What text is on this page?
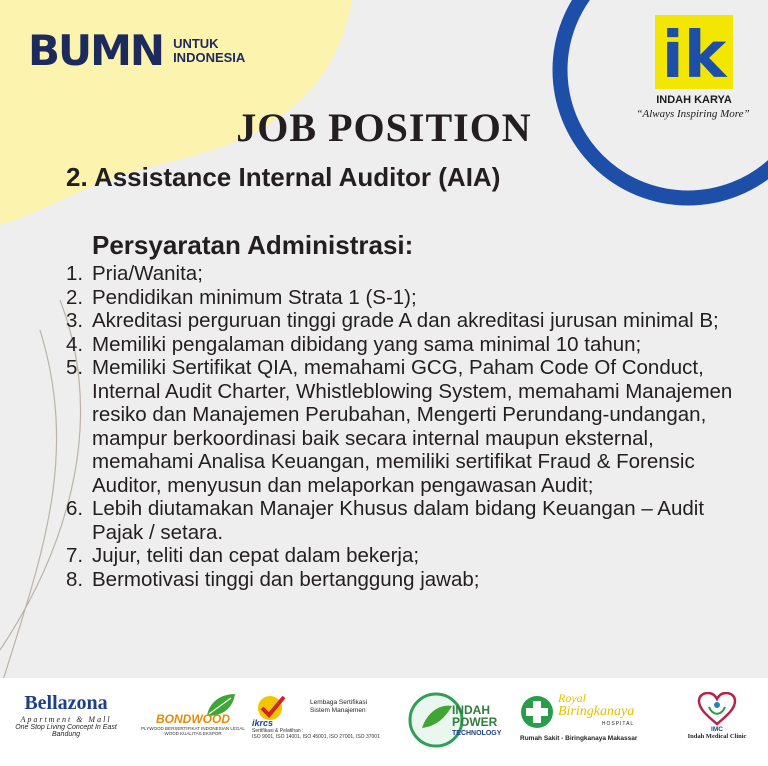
BUMN UNTUK
INDONESIA	ik
INDAH KARYA
“Always Inspiring More”
JOB POSITION
2. Assistance Internal Auditor (AIA)
Persyaratan Administrasi:
1. Pria/Wanita;
2. Pendidikan minimum Strata 1 (S-1);
3. Akreditasi perguruan tinggi grade A dan akreditasi jurusan minimal B;
4. Memiliki pengalaman dibidang yang sama minimal 10 tahun;
5. Memiliki Sertifikat QIA, memahami GCG, Paham Code Of Conduct, Internal Audit Charter, Whistleblowing System, memahami Manajemen resiko dan Manajemen Perubahan, Mengerti Perundang-undangan, mampur berkoordinasi baik secara internal maupun eksternal, memahami Analisa Keuangan, memiliki sertifikat Fraud & Forensic Auditor, menyusun dan melaporkan pengawasan Audit;
6. Lebih diutamakan Manajer Khusus dalam bidang Keuangan – Audit Pajak / setara.
7. Jujur, teliti dan cepat dalam bekerja;
8. Bermotivasi tinggi dan bertanggung jawab;
Bellazona
Apartment & Mall
One Stop Living Concept In East Bandung
BONDWOOD
PLYWOOD BERSERTIFIKAT INDONESIAN LEGAL WOOD KUALITAS EKSPOR
Lembaga Sertifikasi
Sistem Manajemen
ikrcs
Sertifikasi & Pelatihan :
ISO 9001, ISO 14001, ISO 45001, ISO 27001, ISO 37001
INDAH
POWER
TECHNOLOGY
Royal
Biringkanaya
HOSPITAL
Rumah Sakit - Biringkanaya Makassar
IMC
Indah Medical Clinic
